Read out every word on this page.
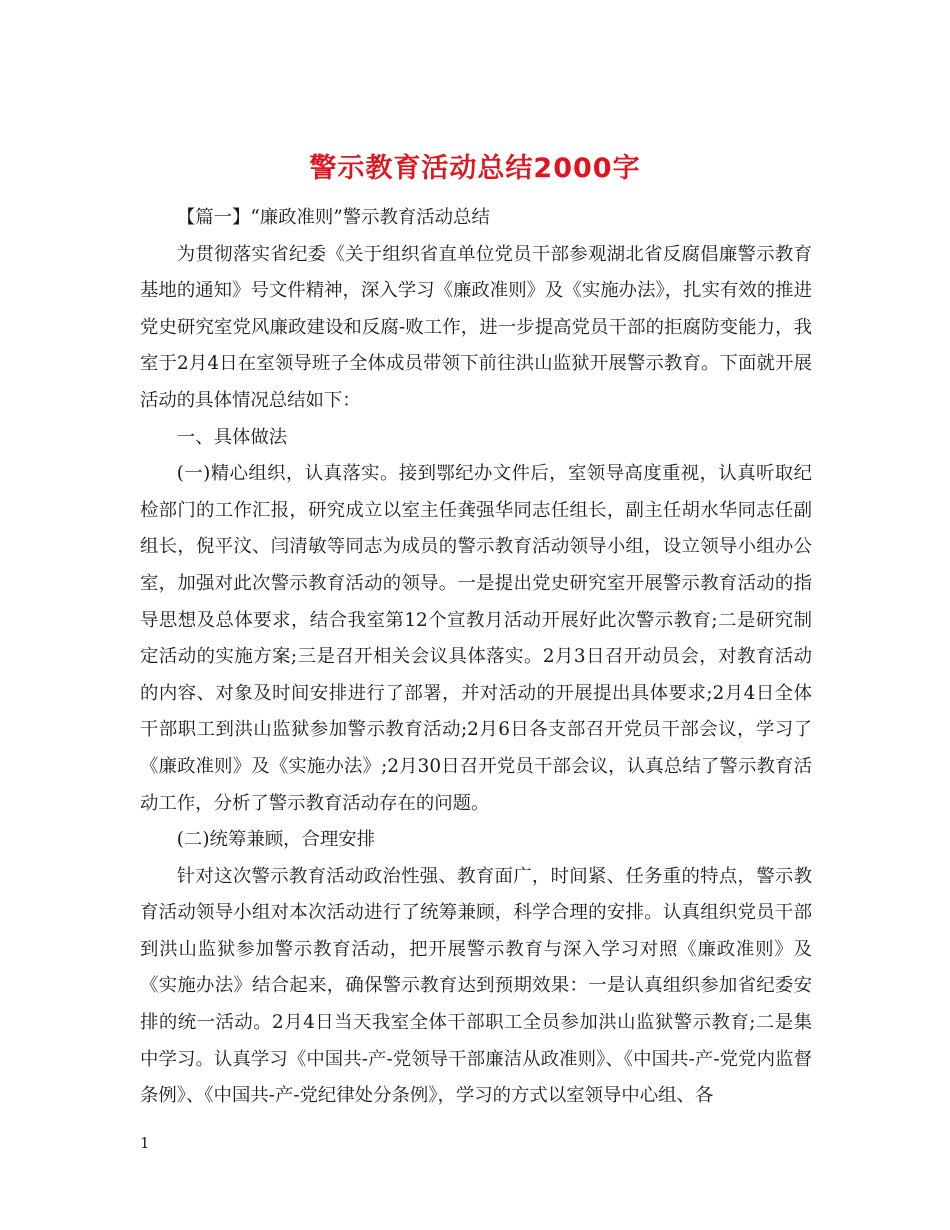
警示教育活动总结2000字

【篇一】“廉政准则”警示教育活动总结

为贯彻落实省纪委《关于组织省直单位党员干部参观湖北省反腐倡廉警示教育基地的通知》号文件精神，深入学习《廉政准则》及《实施办法》，扎实有效的推进党史研究室党风廉政建设和反腐-败工作，进一步提高党员干部的拒腐防变能力，我室于2月4日在室领导班子全体成员带领下前往洪山监狱开展警示教育。下面就开展活动的具体情况总结如下：

一、具体做法

(一)精心组织，认真落实。接到鄂纪办文件后，室领导高度重视，认真听取纪检部门的工作汇报，研究成立以室主任龚强华同志任组长，副主任胡水华同志任副组长，倪平汶、闫清敏等同志为成员的警示教育活动领导小组，设立领导小组办公室，加强对此次警示教育活动的领导。一是提出党史研究室开展警示教育活动的指导思想及总体要求，结合我室第12个宣教月活动开展好此次警示教育;二是研究制定活动的实施方案;三是召开相关会议具体落实。2月3日召开动员会，对教育活动的内容、对象及时间安排进行了部署，并对活动的开展提出具体要求;2月4日全体干部职工到洪山监狱参加警示教育活动;2月6日各支部召开党员干部会议，学习了《廉政准则》及《实施办法》;2月30日召开党员干部会议，认真总结了警示教育活动工作，分析了警示教育活动存在的问题。

(二)统筹兼顾，合理安排

针对这次警示教育活动政治性强、教育面广，时间紧、任务重的特点，警示教育活动领导小组对本次活动进行了统筹兼顾，科学合理的安排。认真组织党员干部到洪山监狱参加警示教育活动，把开展警示教育与深入学习对照《廉政准则》及《实施办法》结合起来，确保警示教育达到预期效果：一是认真组织参加省纪委安排的统一活动。2月4日当天我室全体干部职工全员参加洪山监狱警示教育;二是集中学习。认真学习《中国共-产-党领导干部廉洁从政准则》、《中国共-产-党党内监督条例》、《中国共-产-党纪律处分条例》，学习的方式以室领导中心组、各

1
